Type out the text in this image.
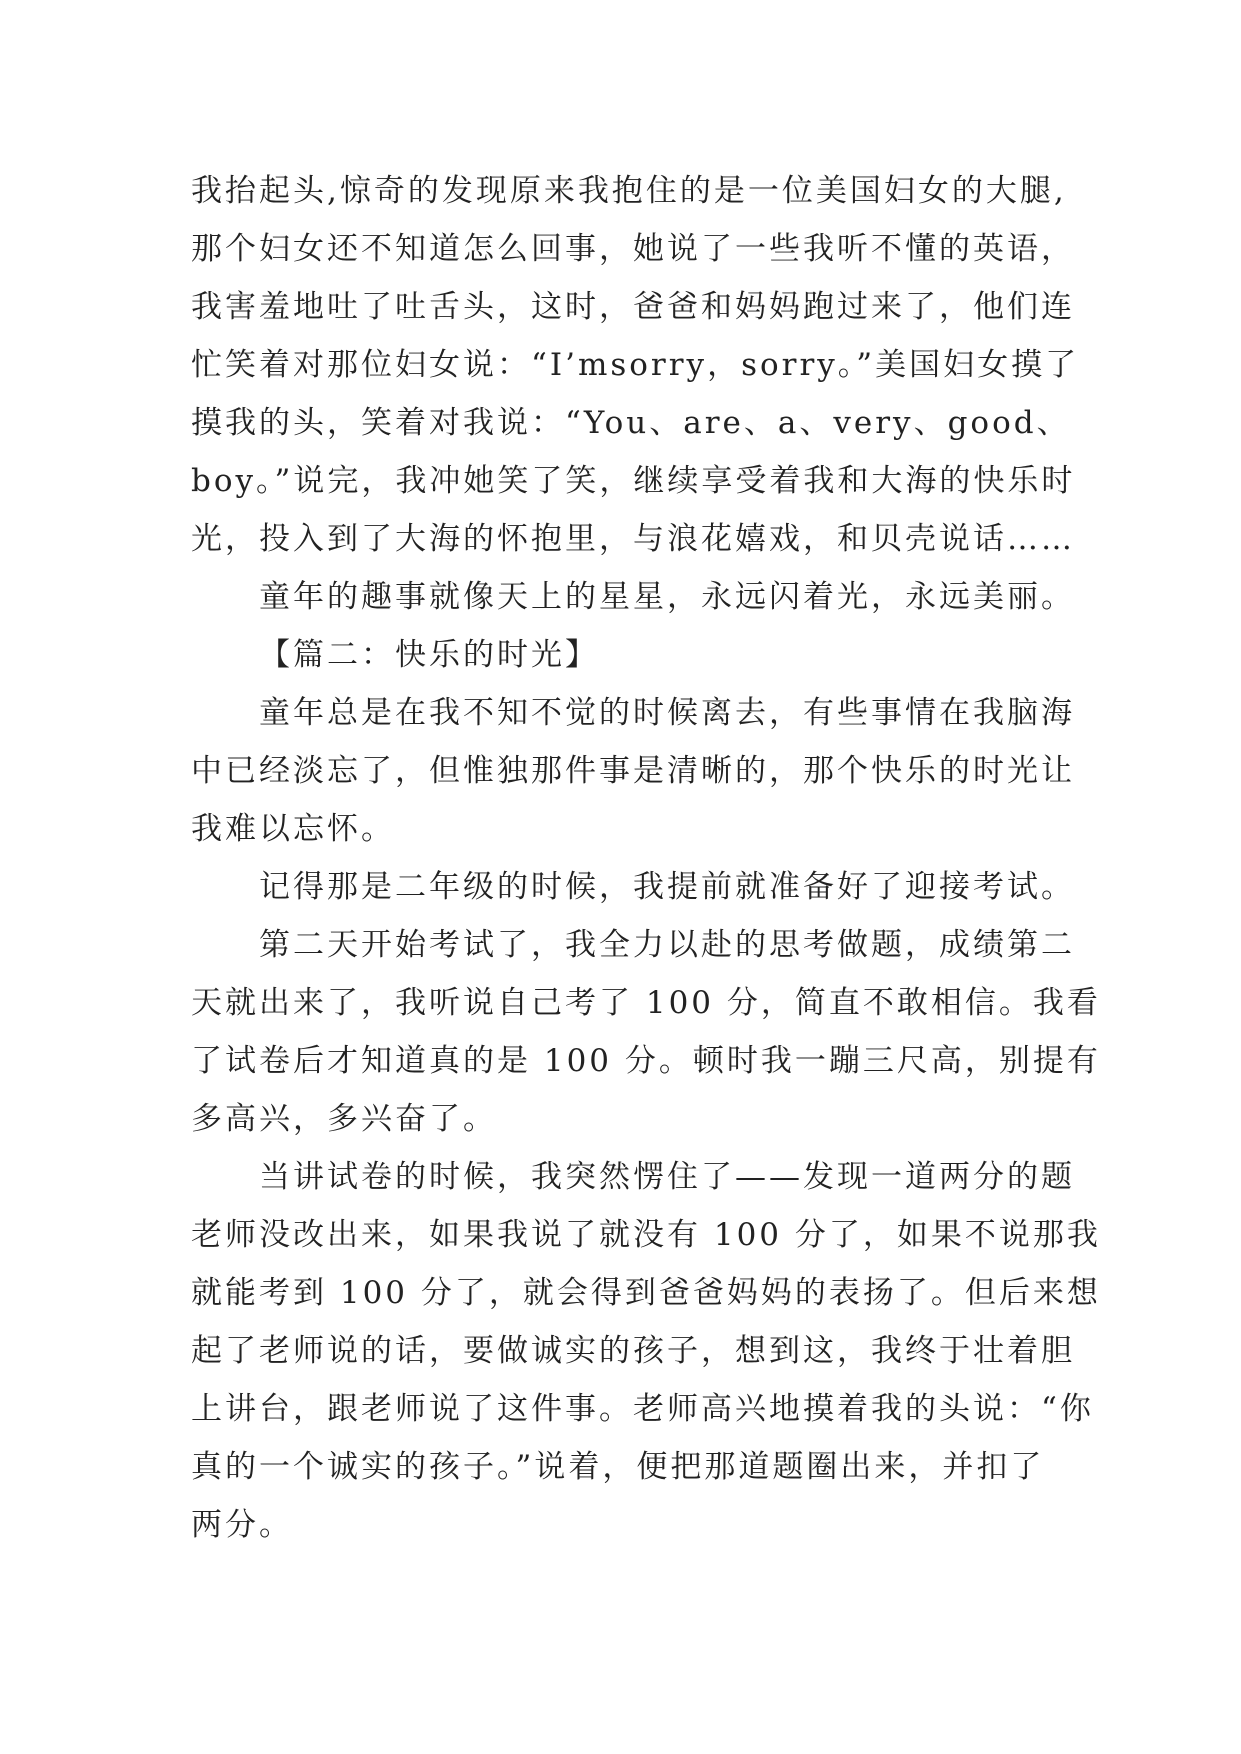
我抬起头,惊奇的发现原来我抱住的是一位美国妇女的大腿,
那个妇女还不知道怎么回事，她说了一些我听不懂的英语，
我害羞地吐了吐舌头，这时，爸爸和妈妈跑过来了，他们连
忙笑着对那位妇女说：“I’msorry，sorry。”美国妇女摸了
摸我的头，笑着对我说：“You、are、a、very、good、
boy。”说完，我冲她笑了笑，继续享受着我和大海的快乐时
光，投入到了大海的怀抱里，与浪花嬉戏，和贝壳说话……
童年的趣事就像天上的星星，永远闪着光，永远美丽。
【篇二：快乐的时光】
童年总是在我不知不觉的时候离去，有些事情在我脑海
中已经淡忘了，但惟独那件事是清晰的，那个快乐的时光让
我难以忘怀。
记得那是二年级的时候，我提前就准备好了迎接考试。
第二天开始考试了，我全力以赴的思考做题，成绩第二
天就出来了，我听说自己考了 100 分，简直不敢相信。我看
了试卷后才知道真的是 100 分。顿时我一蹦三尺高，别提有
多高兴，多兴奋了。
当讲试卷的时候，我突然愣住了——发现一道两分的题
老师没改出来，如果我说了就没有 100 分了，如果不说那我
就能考到 100 分了，就会得到爸爸妈妈的表扬了。但后来想
起了老师说的话，要做诚实的孩子，想到这，我终于壮着胆
上讲台，跟老师说了这件事。老师高兴地摸着我的头说：“你
真的一个诚实的孩子。”说着，便把那道题圈出来，并扣了
两分。
